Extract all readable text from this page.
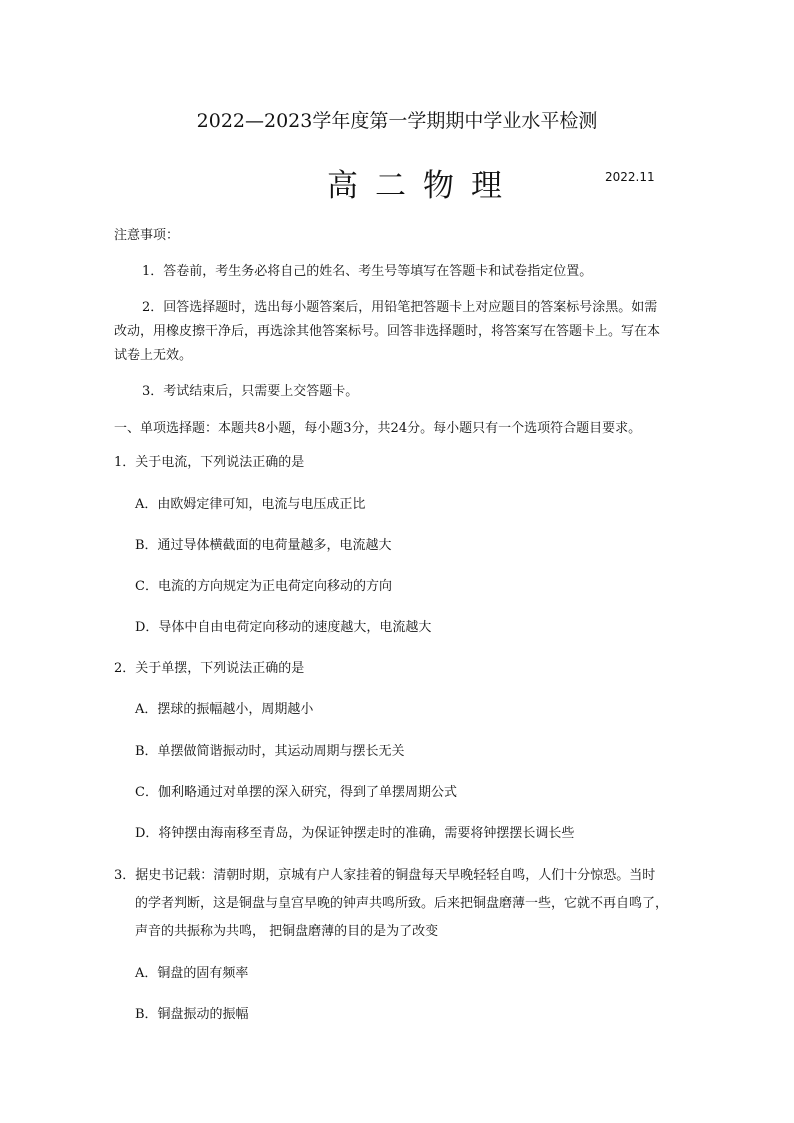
2022—2023学年度第一学期期中学业水平检测
高二物理	2022.11
注意事项：
1．答卷前，考生务必将自己的姓名、考生号等填写在答题卡和试卷指定位置。
2．回答选择题时，选出每小题答案后，用铅笔把答题卡上对应题目的答案标号涂黑。如需
改动，用橡皮擦干净后，再选涂其他答案标号。回答非选择题时，将答案写在答题卡上。写在本
试卷上无效。
3．考试结束后，只需要上交答题卡。
一、单项选择题：本题共8小题，每小题3分，共24分。每小题只有一个选项符合题目要求。
1．关于电流，下列说法正确的是
A．由欧姆定律可知，电流与电压成正比
B．通过导体横截面的电荷量越多，电流越大
C．电流的方向规定为正电荷定向移动的方向
D．导体中自由电荷定向移动的速度越大，电流越大
2．关于单摆，下列说法正确的是
A．摆球的振幅越小，周期越小
B．单摆做简谐振动时，其运动周期与摆长无关
C．伽利略通过对单摆的深入研究，得到了单摆周期公式
D．将钟摆由海南移至青岛，为保证钟摆走时的准确，需要将钟摆摆长调长些
3．据史书记载：清朝时期，京城有户人家挂着的铜盘每天早晚轻轻自鸣，人们十分惊恐。当时
的学者判断，这是铜盘与皇宫早晚的钟声共鸣所致。后来把铜盘磨薄一些，它就不再自鸣了，
声音的共振称为共鸣， 把铜盘磨薄的目的是为了改变
A．铜盘的固有频率
B．铜盘振动的振幅
